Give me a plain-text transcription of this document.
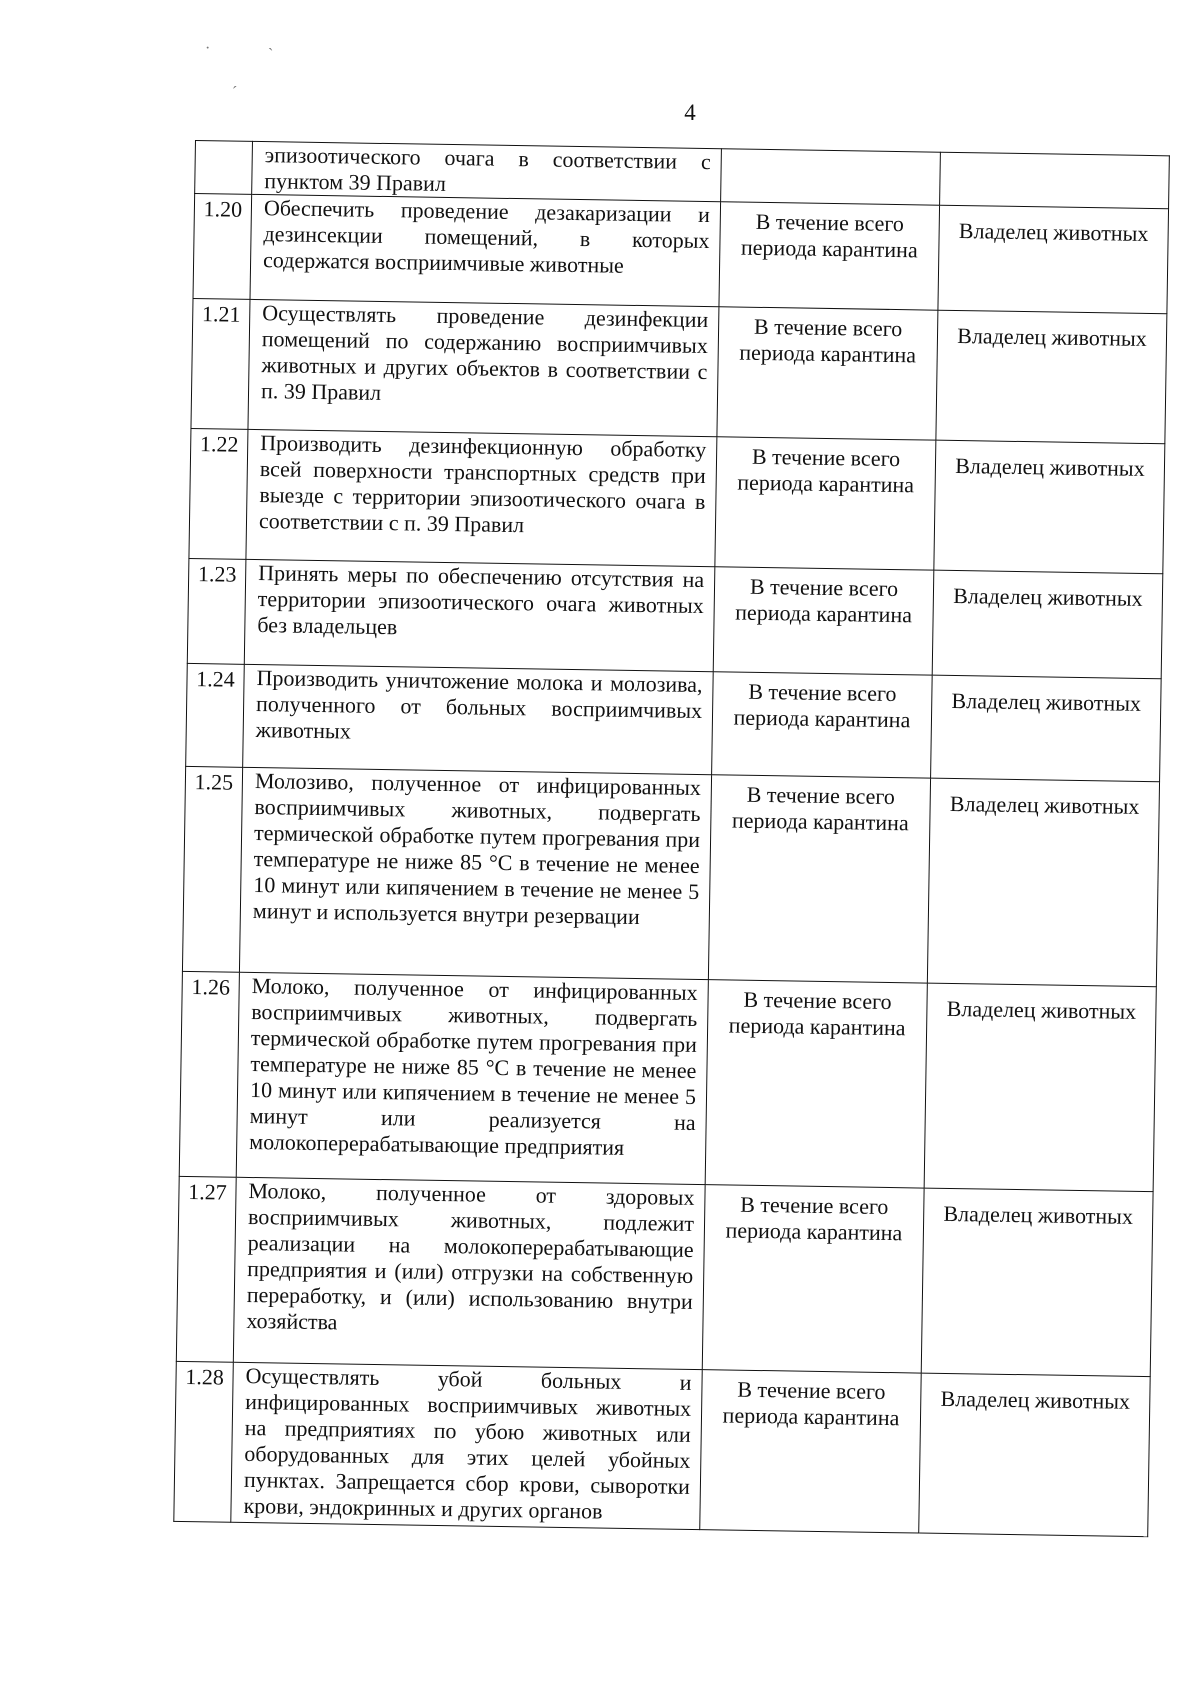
4
·	ˏ
ˊ
	эпизоотического очага в соответствии с пунктом 39 Правил		
1.20	Обеспечить проведение дезакаризации и дезинсекции помещений, в которых содержатся восприимчивые животные	В течение всего периода карантина	Владелец животных
1.21	Осуществлять проведение дезинфекции помещений по содержанию восприимчивых животных и других объектов в соответствии с п. 39 Правил	В течение всего периода карантина	Владелец животных
1.22	Производить дезинфекционную обработку всей поверхности транспортных средств при выезде с территории эпизоотического очага в соответствии с п. 39 Правил	В течение всего периода карантина	Владелец животных
1.23	Принять меры по обеспечению отсутствия на территории эпизоотического очага животных без владельцев	В течение всего периода карантина	Владелец животных
1.24	Производить уничтожение молока и молозива, полученного от больных восприимчивых животных	В течение всего периода карантина	Владелец животных
1.25	Молозиво, полученное от инфицированных восприимчивых животных, подвергать термической обработке путем прогревания при температуре не ниже 85 °C в течение не менее 10 минут или кипячением в течение не менее 5 минут и используется внутри резервации	В течение всего периода карантина	Владелец животных
1.26	Молоко, полученное от инфицированных восприимчивых животных, подвергать термической обработке путем прогревания при температуре не ниже 85 °C в течение не менее 10 минут или кипячением в течение не менее 5 минут или реализуется на молокоперерабатывающие предприятия	В течение всего периода карантина	Владелец животных
1.27	Молоко, полученное от здоровых восприимчивых животных, подлежит реализации на молокоперерабатывающие предприятия и (или) отгрузки на собственную переработку, и (или) использованию внутри хозяйства	В течение всего периода карантина	Владелец животных
1.28	Осуществлять убой больных и инфицированных восприимчивых животных на предприятиях по убою животных или оборудованных для этих целей убойных пунктах. Запрещается сбор крови, сыворотки крови, эндокринных и других органов	В течение всего периода карантина	Владелец животных
